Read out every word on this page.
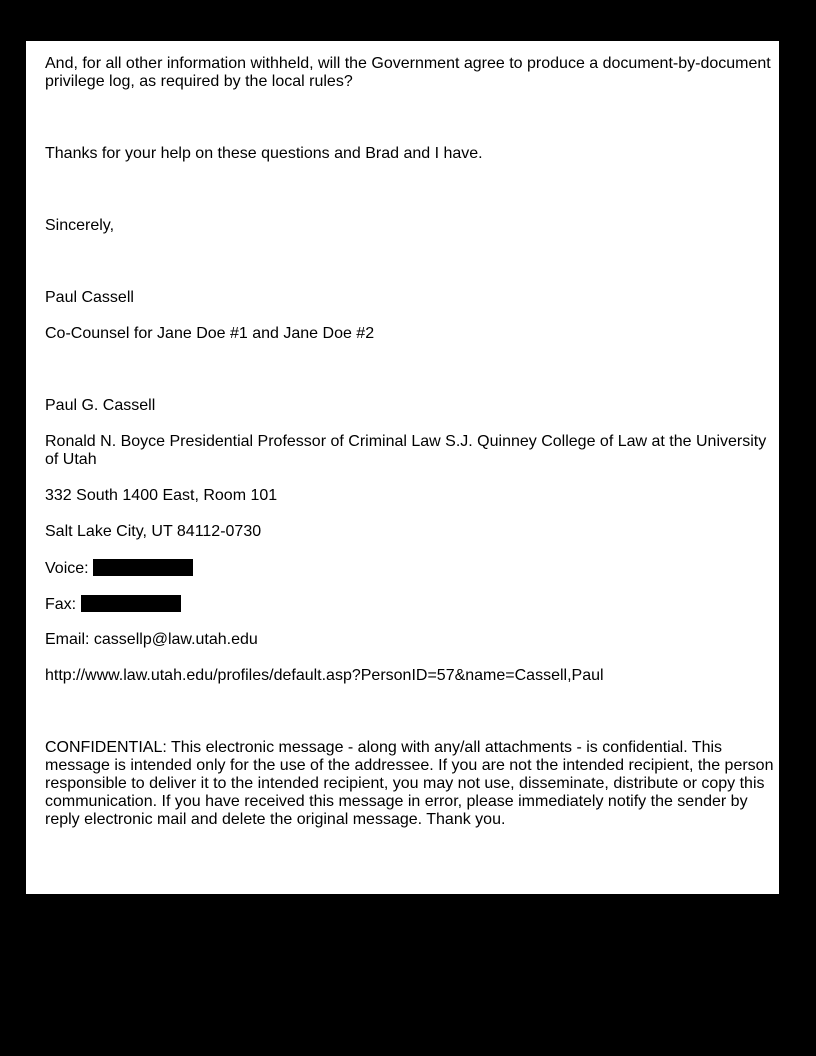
And, for all other information withheld, will the Government agree to produce a document-by-document privilege log, as required by the local rules?

Thanks for your help on these questions and Brad and I have.

Sincerely,

Paul Cassell

Co-Counsel for Jane Doe #1 and Jane Doe #2

Paul G. Cassell

Ronald N. Boyce Presidential Professor of Criminal Law S.J. Quinney College of Law at the University of Utah

332 South 1400 East, Room 101

Salt Lake City, UT 84112-0730

Voice:

Fax:

Email: cassellp@law.utah.edu

http://www.law.utah.edu/profiles/default.asp?PersonID=57&name=Cassell,Paul

CONFIDENTIAL: This electronic message - along with any/all attachments - is confidential. This message is intended only for the use of the addressee. If you are not the intended recipient, the person responsible to deliver it to the intended recipient, you may not use, disseminate, distribute or copy this communication. If you have received this message in error, please immediately notify the sender by reply electronic mail and delete the original message. Thank you.
